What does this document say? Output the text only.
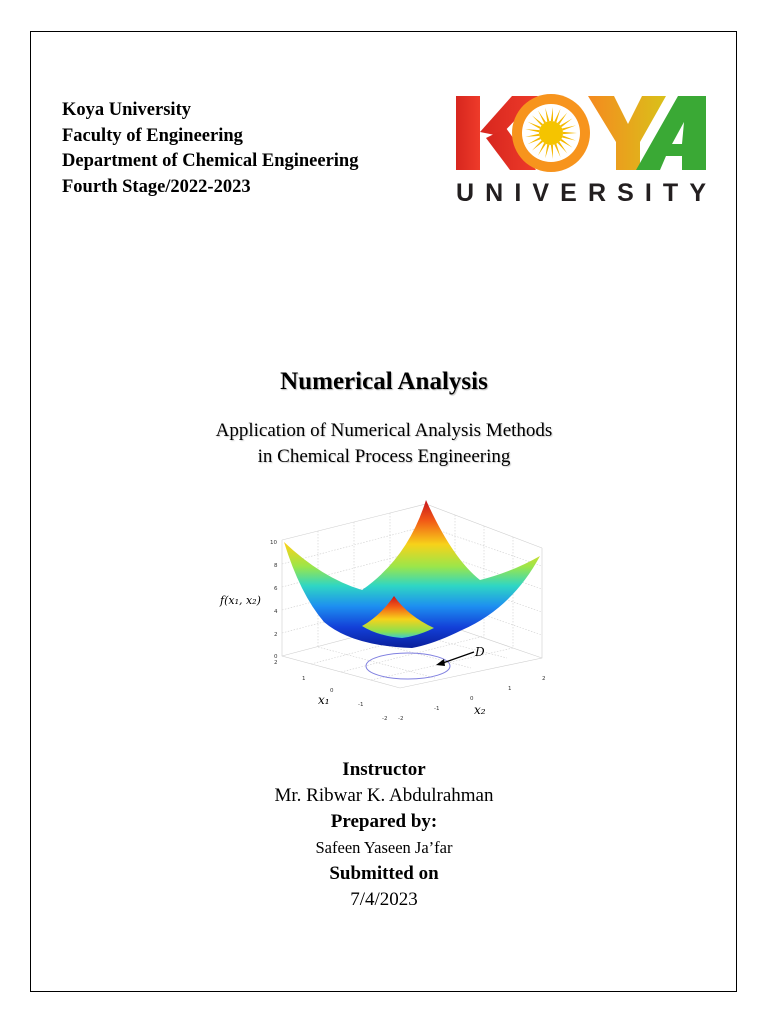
Koya University
Faculty of Engineering
Department of Chemical Engineering
Fourth Stage/2022-2023	UNIVERSITY
Numerical Analysis
Application of Numerical Analysis Methods
in Chemical Process Engineering
D
10
8
6
4
2
0
2
1
0
-1
-2 -2
-1
0
1
2
f(x₁, x₂)
x₁
x₂
Instructor
Mr. Ribwar K. Abdulrahman
Prepared by:
Safeen Yaseen Ja’far
Submitted on
7/4/2023
